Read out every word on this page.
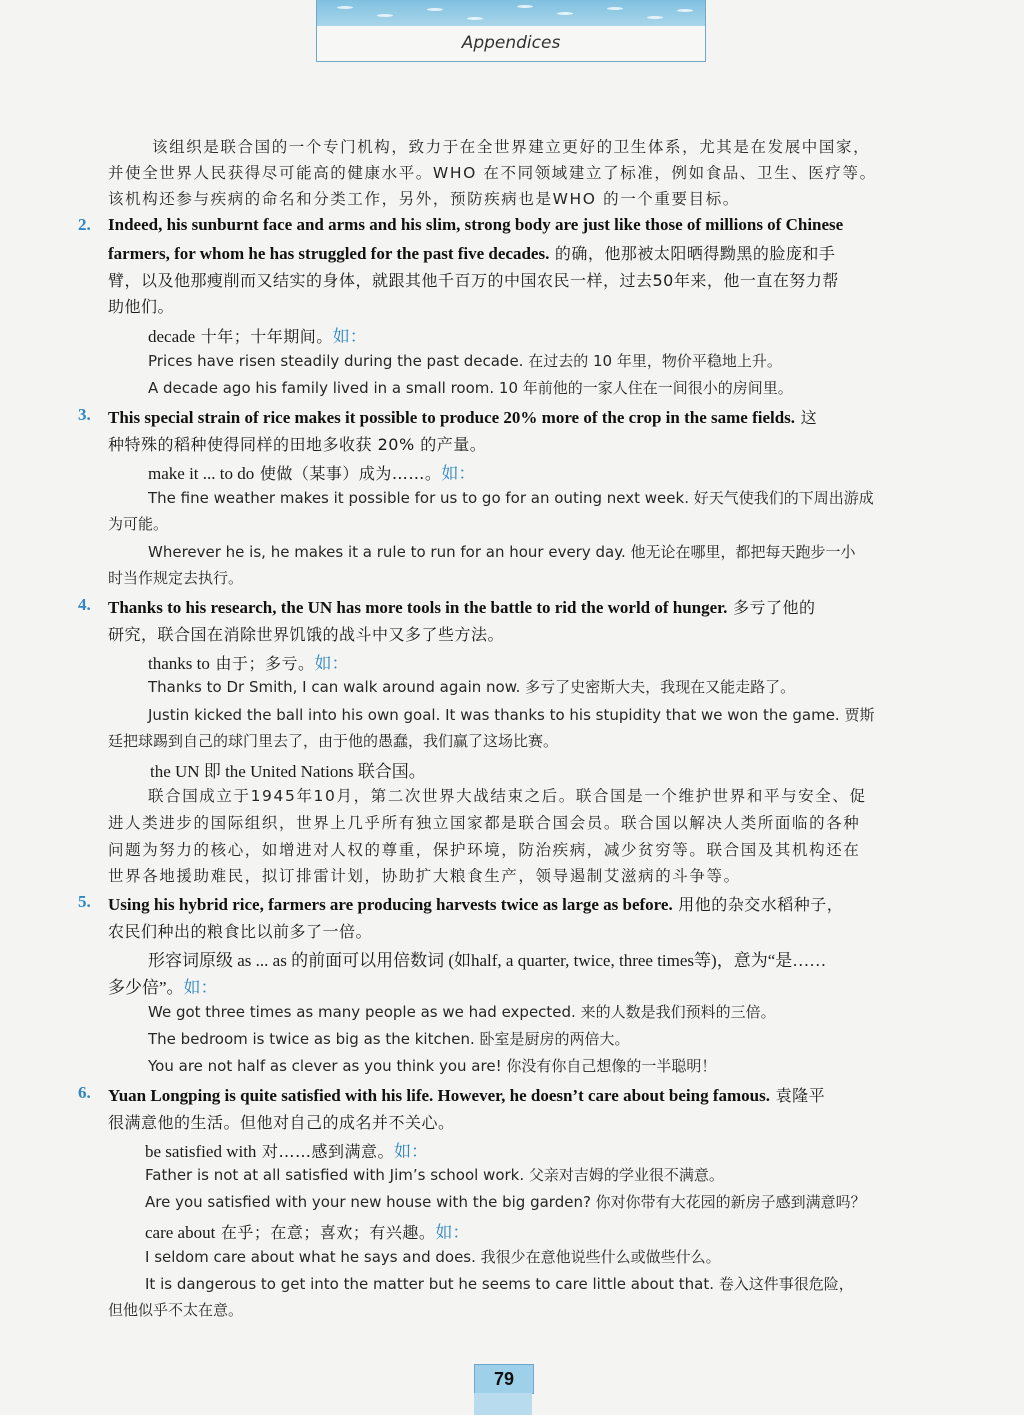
Appendices
该组织是联合国的一个专门机构，致力于在全世界建立更好的卫生体系，尤其是在发展中国家，
并使全世界人民获得尽可能高的健康水平。WHO 在不同领域建立了标准，例如食品、卫生、医疗等。
该机构还参与疾病的命名和分类工作，另外，预防疾病也是WHO 的一个重要目标。
Indeed, his sunburnt face and arms and his slim, strong body are just like those of millions of Chinese
farmers, for whom he has struggled for the past five decades. 的确，他那被太阳晒得黝黑的脸庞和手
臂，以及他那瘦削而又结实的身体，就跟其他千百万的中国农民一样，过去50年来，他一直在努力帮
助他们。
decade 十年；十年期间。如：
Prices have risen steadily during the past decade. 在过去的 10 年里，物价平稳地上升。
A decade ago his family lived in a small room. 10 年前他的一家人住在一间很小的房间里。
This special strain of rice makes it possible to produce 20% more of the crop in the same fields. 这
种特殊的稻种使得同样的田地多收获 20% 的产量。
make it ... to do 使做（某事）成为……。如：
The fine weather makes it possible for us to go for an outing next week. 好天气使我们的下周出游成
为可能。
Wherever he is, he makes it a rule to run for an hour every day. 他无论在哪里，都把每天跑步一小
时当作规定去执行。
Thanks to his research, the UN has more tools in the battle to rid the world of hunger. 多亏了他的
研究，联合国在消除世界饥饿的战斗中又多了些方法。
thanks to 由于；多亏。如：
Thanks to Dr Smith, I can walk around again now. 多亏了史密斯大夫，我现在又能走路了。
Justin kicked the ball into his own goal. It was thanks to his stupidity that we won the game. 贾斯
廷把球踢到自己的球门里去了，由于他的愚蠢，我们赢了这场比赛。
the UN 即 the United Nations 联合国。
联合国成立于1945年10月，第二次世界大战结束之后。联合国是一个维护世界和平与安全、促
进人类进步的国际组织，世界上几乎所有独立国家都是联合国会员。联合国以解决人类所面临的各种
问题为努力的核心，如增进对人权的尊重，保护环境，防治疾病，减少贫穷等。联合国及其机构还在
世界各地援助难民，拟订排雷计划，协助扩大粮食生产，领导遏制艾滋病的斗争等。
Using his hybrid rice, farmers are producing harvests twice as large as before. 用他的杂交水稻种子，
农民们种出的粮食比以前多了一倍。
形容词原级 as ... as 的前面可以用倍数词 (如half, a quarter, twice, three times等)，意为“是……
多少倍”。如：
We got three times as many people as we had expected. 来的人数是我们预料的三倍。
The bedroom is twice as big as the kitchen. 卧室是厨房的两倍大。
You are not half as clever as you think you are! 你没有你自己想像的一半聪明！
Yuan Longping is quite satisfied with his life. However, he doesn’t care about being famous. 袁隆平
很满意他的生活。但他对自己的成名并不关心。
be satisfied with 对……感到满意。如：
Father is not at all satisfied with Jim’s school work. 父亲对吉姆的学业很不满意。
Are you satisfied with your new house with the big garden? 你对你带有大花园的新房子感到满意吗？
care about 在乎；在意；喜欢；有兴趣。如：
I seldom care about what he says and does. 我很少在意他说些什么或做些什么。
It is dangerous to get into the matter but he seems to care little about that. 卷入这件事很危险，
但他似乎不太在意。
2.
3.
4.
5.
6.
79
